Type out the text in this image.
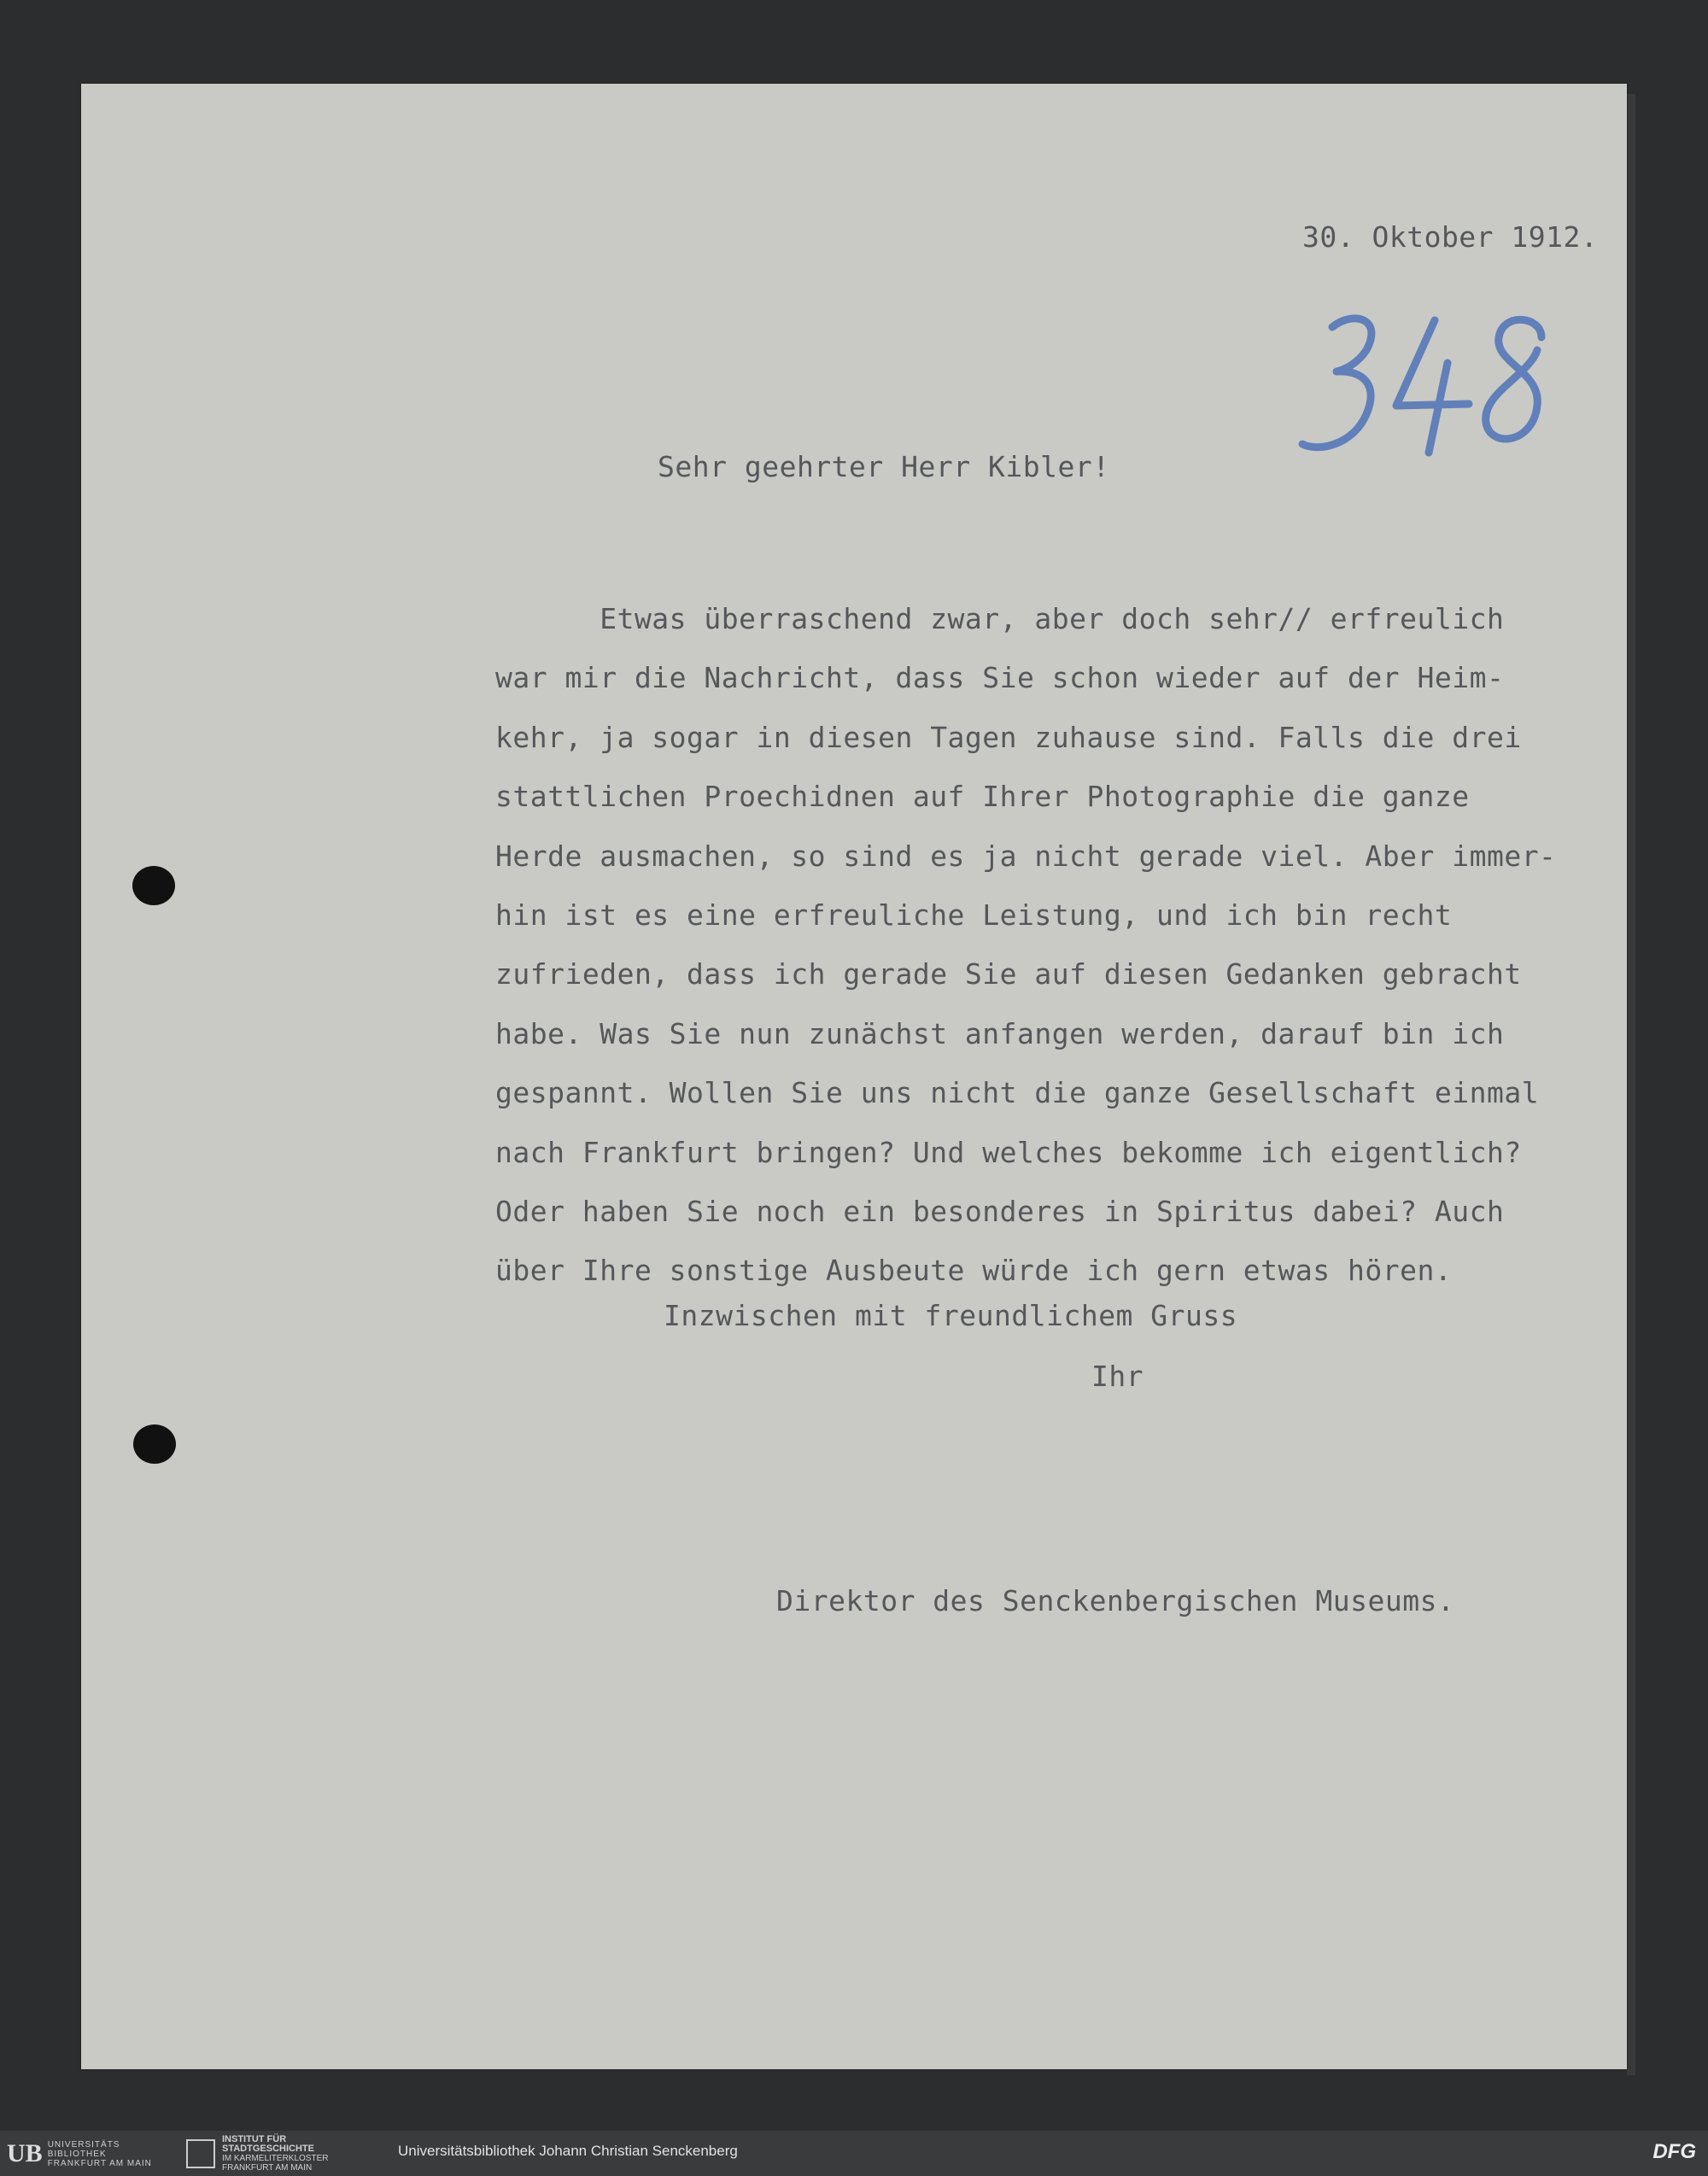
30. Oktober 1912.
Sehr geehrter Herr Kibler!
Etwas überraschend zwar, aber doch sehr// erfreulich
war mir die Nachricht, dass Sie schon wieder auf der Heim-
kehr, ja sogar in diesen Tagen zuhause sind. Falls die drei
stattlichen Proechidnen auf Ihrer Photographie die ganze
Herde ausmachen, so sind es ja nicht gerade viel. Aber immer-
hin ist es eine erfreuliche Leistung, und ich bin recht
zufrieden, dass ich gerade Sie auf diesen Gedanken gebracht
habe. Was Sie nun zunächst anfangen werden, darauf bin ich
gespannt. Wollen Sie uns nicht die ganze Gesellschaft einmal
nach Frankfurt bringen? Und welches bekomme ich eigentlich?
Oder haben Sie noch ein besonderes in Spiritus dabei? Auch
über Ihre sonstige Ausbeute würde ich gern etwas hören.
Inzwischen mit freundlichem Gruss
Ihr
Direktor des Senckenbergischen Museums.
UB UNIVERSITÄTS
BIBLIOTHEK
FRANKFURT AM MAIN
INSTITUT FÜR
STADTGESCHICHTE
IM KARMELITERKLOSTER
FRANKFURT AM MAIN
Universitätsbibliothek Johann Christian Senckenberg	DFG
